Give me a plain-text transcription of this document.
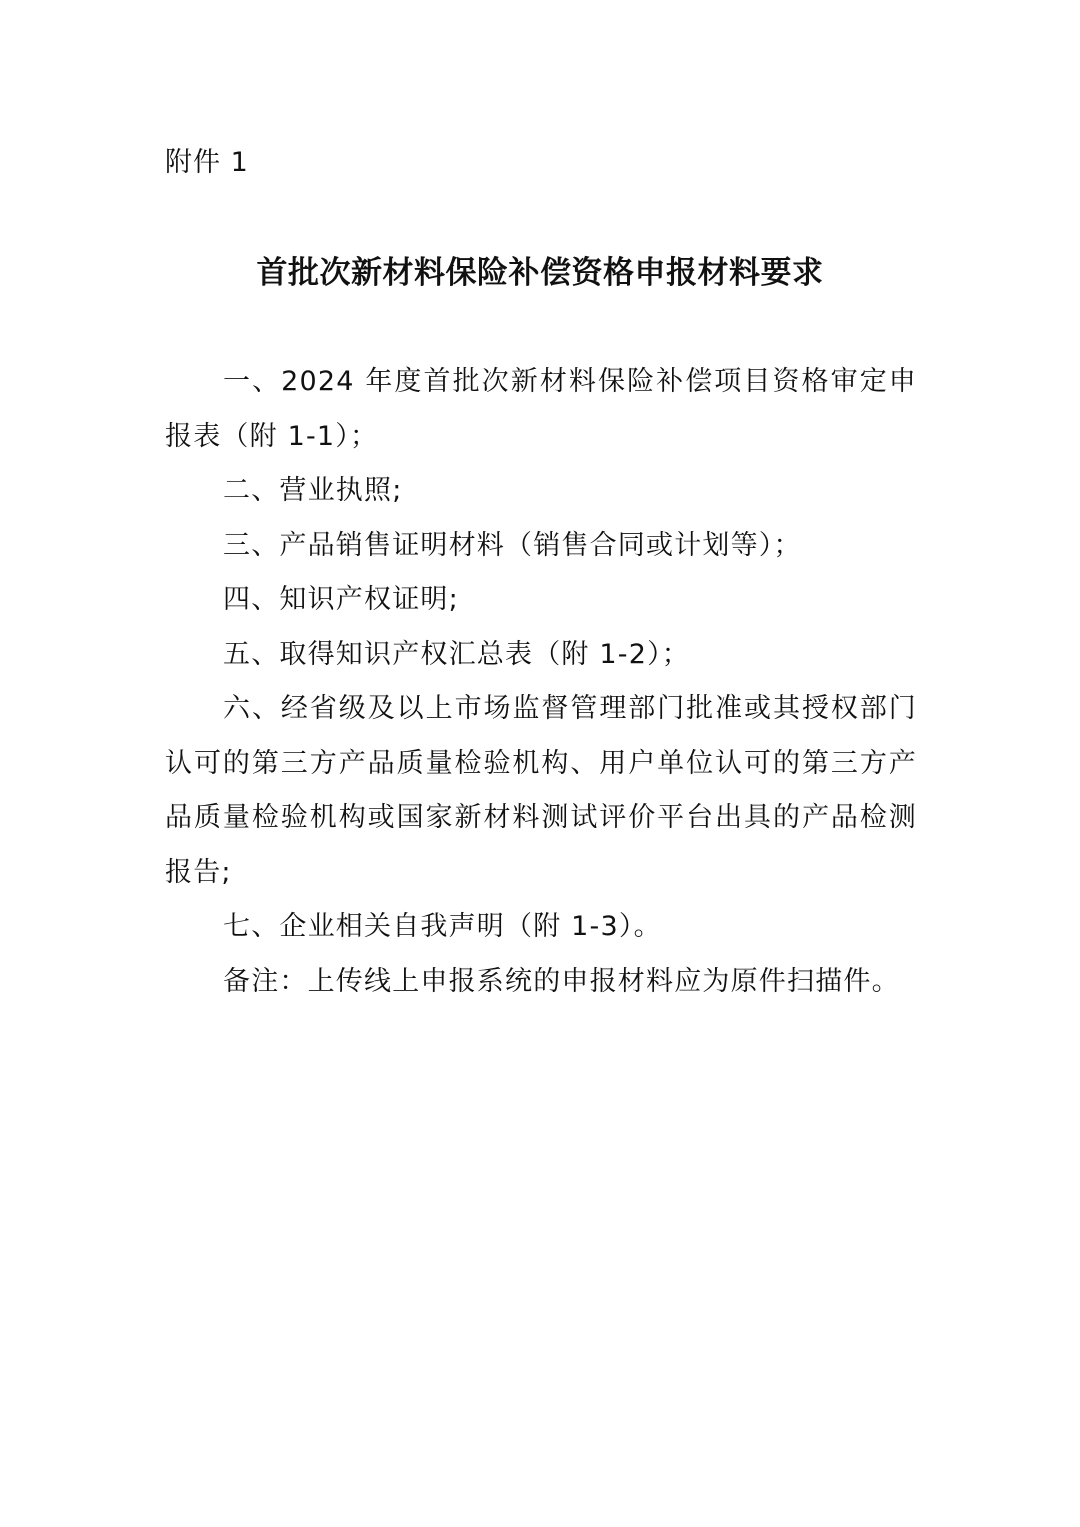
附件 1
首批次新材料保险补偿资格申报材料要求

一、2024 年度首批次新材料保险补偿项目资格审定申报表（附 1-1）；

二、营业执照;

三、产品销售证明材料（销售合同或计划等）；

四、知识产权证明;

五、取得知识产权汇总表（附 1-2）；

六、经省级及以上市场监督管理部门批准或其授权部门认可的第三方产品质量检验机构、用户单位认可的第三方产品质量检验机构或国家新材料测试评价平台出具的产品检测报告;

七、企业相关自我声明（附 1-3）。

备注：上传线上申报系统的申报材料应为原件扫描件。
